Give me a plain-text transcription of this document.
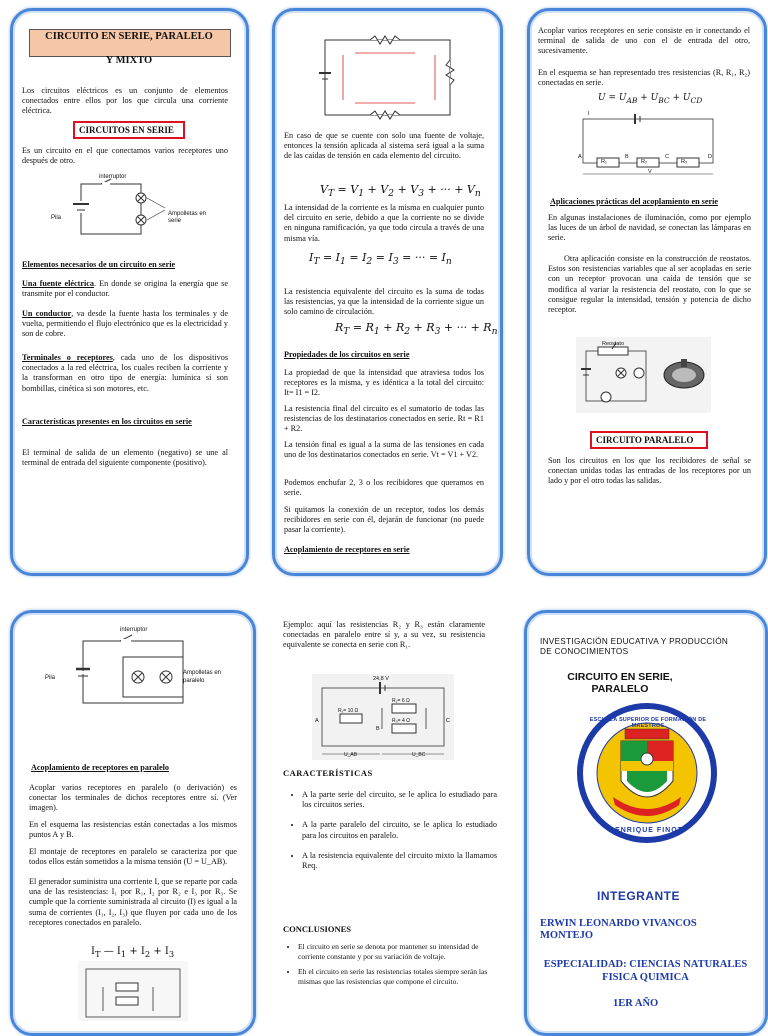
CIRCUITO EN SERIE, PARALELO
Y MIXTO

Los circuitos eléctricos es un conjunto de elementos conectados entre ellos por los que circula una corriente eléctrica.

CIRCUITOS EN SERIE

Es un circuito en el que conectamos varios receptores uno después de otro.

interruptor
Pila
Ampolletas en serie
Elementos necesarios de un circuito en serie

Una fuente eléctrica. En donde se origina la energía que se transmite por el conductor.

Un conductor, va desde la fuente hasta los terminales y de vuelta, permitiendo el flujo electrónico que es la electricidad y son de cobre.

Terminales o receptores, cada uno de los dispositivos conectados a la red eléctrica, los cuales reciben la corriente y la transforman en otro tipo de energía: lumínica si son bombillas, cinética si son motores, etc.

Características presentes en los circuitos en serie

El terminal de salida de un elemento (negativo) se une al terminal de entrada del siguiente componente (positivo).

En caso de que se cuente con solo una fuente de voltaje, entonces la tensión aplicada al sistema será igual a la suma de las caídas de tensión en cada elemento del circuito.

$V_T = V_1 + V_2 + V_3$ + ··· + $V_n$

La intensidad de la corriente es la misma en cualquier punto del circuito en serie, debido a que la corriente no se divide en ninguna ramificación, ya que todo circula a través de una misma vía.

$I_T = I_1 = I_2 = I_3$ = ··· = $I_n$

La resistencia equivalente del circuito es la suma de todas las resistencias, ya que la intensidad de la corriente sigue un solo camino de circulación.

$R_T = R_1 + R_2 + R_3$ + ··· + $R_n$
Propiedades de los circuitos en serie

La propiedad de que la intensidad que atraviesa todos los receptores es la misma, y es idéntica a la total del circuito: It= I1 = I2.

La resistencia final del circuito es el sumatorio de todas las resistencias de los destinatarios conectados en serie. Rt = R1 + R2.

La tensión final es igual a la suma de las tensiones en cada uno de los destinatarios conectados en serie. Vt = V1 + V2.

Podemos enchufar 2, 3 o los recibidores que queramos en serie.

Si quitamos la conexión de un receptor, todos los demás recibidores en serie con él, dejarán de funcionar (no puede pasar la corriente).

Acoplamiento de receptores en serie

Acoplar varios receptores en serie consiste en ir conectando el terminal de salida de uno con el de entrada del otro, sucesivamente.

En el esquema se han representado tres resistencias (R, R₁, R₂) conectadas en serie.

$U = U_{AB} + U_{BC} + U_{CD}$
R₁	R₂	R₃
A	B	C	D
I
V
Aplicaciones prácticas del acoplamiento en serie

En algunas instalaciones de iluminación, como por ejemplo las luces de un árbol de navidad, se conectan las lámparas en serie.

Otra aplicación consiste en la construcción de reostatos. Estos son resistencias variables que al ser acopladas en serie con un receptor provocan una caída de tensión que se modifica al variar la resistencia del reostato, con lo que se consigue regular la intensidad, tensión y potencia de dicho receptor.

Reostato
CIRCUITO PARALELO

Son los circuitos en los que los recibidores de señal se conectan unidas todas las entradas de los receptores por un lado y por el otro todas las salidas.

interruptor
Pila
Ampolletas en paralelo
Acoplamiento de receptores en paralelo

Acoplar varios receptores en paralelo (o derivación) es conectar los terminales de dichos receptores entre sí. (Ver imagen).

En el esquema las resistencias están conectadas a los mismos puntos A y B.

El montaje de receptores en paralelo se caracteriza por que todos ellos están sometidos a la misma tensión (U = U_AB).

El generador suministra una corriente I, que se reparte por cada una de las resistencias: I₁ por R₁, I₂ por R₂ e I₃ por R₃. Se cumple que la corriente suministrada al circuito (I) es igual a la suma de corrientes (I₁, I₂, I₃) que fluyen por cada uno de los receptores conectados en paralelo.

$I_T$ — $I_1 + I_2 + I_3$

Ejemplo: aquí las resistencias R₂ y R₃ están claramente conectadas en paralelo entre sí y, a su vez, su resistencia equivalente se conecta en serie con R₁.

24,8 V
R₁= 10 Ω
R₂= 6 Ω
R₃= 4 Ω
A
B
C
U_AB	U_BC
CARACTERÍSTICAS
• A la parte serie del circuito, se le aplica lo estudiado para los circuitos series.
• A la parte paralelo del circuito, se le aplica lo estudiado para los circuitos en paralelo.
• A la resistencia equivalente del circuito mixto la llamamos Req.
CONCLUSIONES
• El circuito en serie se denota por mantener su intensidad de corriente constante y por su variación de voltaje.
• Eh el circuito en serie las resistencias totales siempre serán las mismas que las resistencias que compone el circuito.
INVESTIGACIÓN EDUCATIVA Y PRODUCCIÓN DE CONOCIMIENTOS
CIRCUITO EN SERIE, PARALELO
ESCUELA SUPERIOR DE FORMACIÓN DE MAESTROS
ENRIQUE FINOT
INTEGRANTE
ERWIN LEONARDO VIVANCOS MONTEJO
ESPECIALIDAD: CIENCIAS NATURALES FISICA QUIMICA
1ER AÑO
